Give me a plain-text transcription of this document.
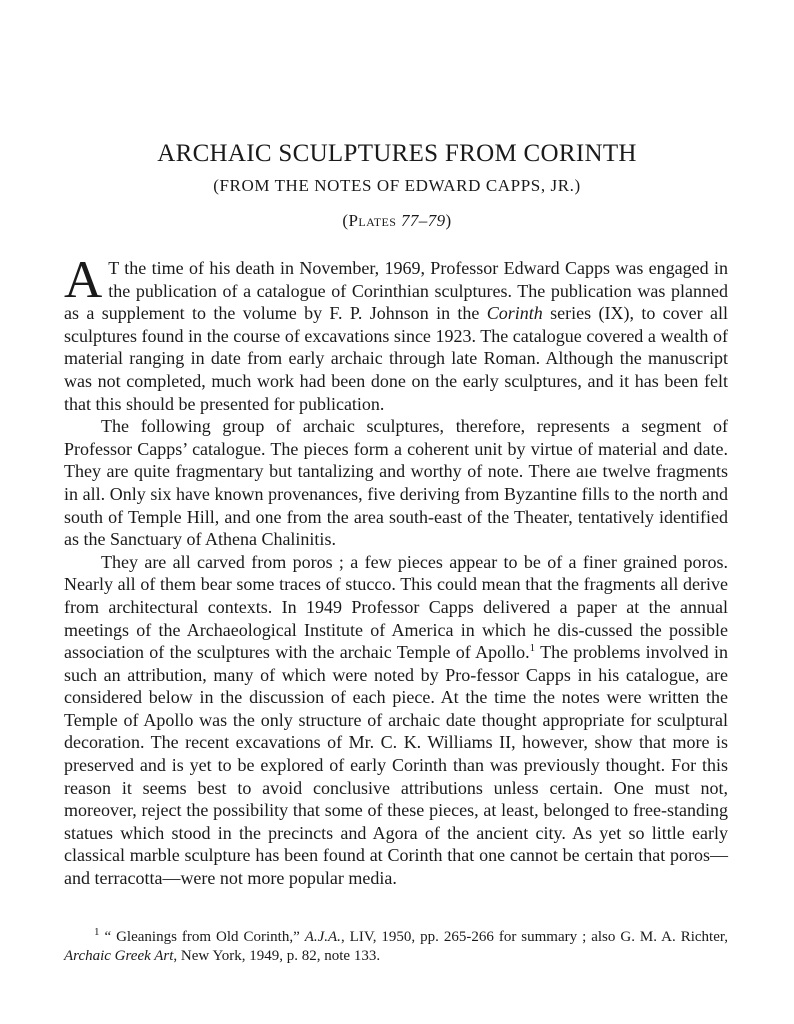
ARCHAIC SCULPTURES FROM CORINTH
(FROM THE NOTES OF EDWARD CAPPS, JR.)
(Plates 77–79)

A T the time of his death in November, 1969, Professor Edward Capps was engaged in the publication of a catalogue of Corinthian sculptures. The publication was planned as a supplement to the volume by F. P. Johnson in the Corinth series (IX), to cover all sculptures found in the course of excavations since 1923. The catalogue covered a wealth of material ranging in date from early archaic through late Roman. Although the manuscript was not completed, much work had been done on the early sculptures, and it has been felt that this should be presented for publication.

The following group of archaic sculptures, therefore, represents a segment of Professor Capps’ catalogue. The pieces form a coherent unit by virtue of material and date. They are quite fragmentary but tantalizing and worthy of note. There aıe twelve fragments in all. Only six have known provenances, five deriving from Byzantine fills to the north and south of Temple Hill, and one from the area south-east of the Theater, tentatively identified as the Sanctuary of Athena Chalinitis.

They are all carved from poros ; a few pieces appear to be of a finer grained poros. Nearly all of them bear some traces of stucco. This could mean that the fragments all derive from architectural contexts. In 1949 Professor Capps delivered a paper at the annual meetings of the Archaeological Institute of America in which he dis-cussed the possible association of the sculptures with the archaic Temple of Apollo.$^1$ The problems involved in such an attribution, many of which were noted by Pro-fessor Capps in his catalogue, are considered below in the discussion of each piece. At the time the notes were written the Temple of Apollo was the only structure of archaic date thought appropriate for sculptural decoration. The recent excavations of Mr. C. K. Williams II, however, show that more is preserved and is yet to be explored of early Corinth than was previously thought. For this reason it seems best to avoid conclusive attributions unless certain. One must not, moreover, reject the possibility that some of these pieces, at least, belonged to free-standing statues which stood in the precincts and Agora of the ancient city. As yet so little early classical marble sculpture has been found at Corinth that one cannot be certain that poros—and terracotta—were not more popular media.

$^1$ “ Gleanings from Old Corinth,” A.J.A., LIV, 1950, pp. 265-266 for summary ; also G. M. A. Richter, Archaic Greek Art, New York, 1949, p. 82, note 133.
